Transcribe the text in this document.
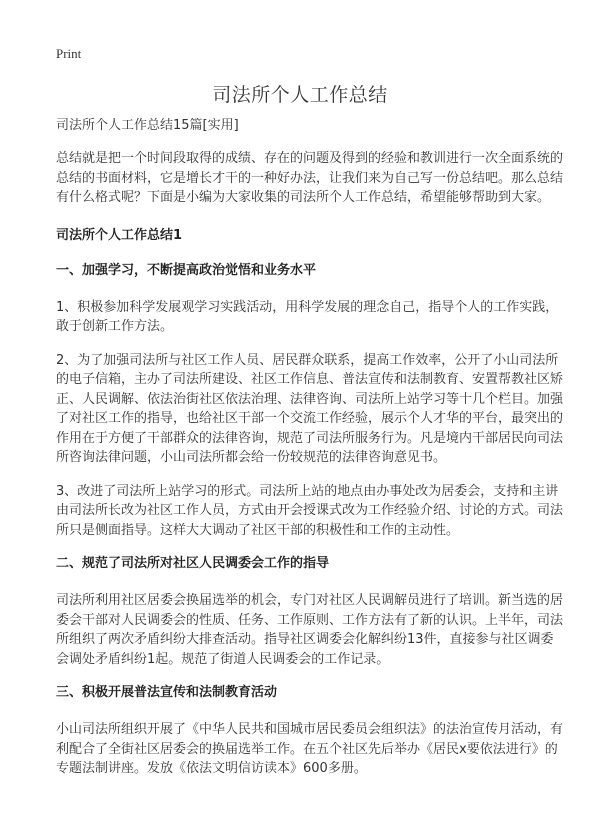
Print
司法所个人工作总结
司法所个人工作总结15篇[实用]

总结就是把一个时间段取得的成绩、存在的问题及得到的经验和教训进行一次全面系统的总结的书面材料，它是增长才干的一种好办法，让我们来为自己写一份总结吧。那么总结有什么格式呢？下面是小编为大家收集的司法所个人工作总结，希望能够帮助到大家。

司法所个人工作总结1
一、加强学习，不断提高政治觉悟和业务水平

1、积极参加科学发展观学习实践活动，用科学发展的理念自己，指导个人的工作实践，敢于创新工作方法。

2、为了加强司法所与社区工作人员、居民群众联系，提高工作效率，公开了小山司法所的电子信箱，主办了司法所建设、社区工作信息、普法宣传和法制教育、安置帮教社区矫正、人民调解、依法治街社区依法治理、法律咨询、司法所上站学习等十几个栏目。加强了对社区工作的指导，也给社区干部一个交流工作经验，展示个人才华的平台，最突出的作用在于方便了干部群众的法律咨询，规范了司法所服务行为。凡是境内干部居民向司法所咨询法律问题，小山司法所都会给一份较规范的法律咨询意见书。

3、改进了司法所上站学习的形式。司法所上站的地点由办事处改为居委会，支持和主讲由司法所长改为社区工作人员，方式由开会授课式改为工作经验介绍、讨论的方式。司法所只是侧面指导。这样大大调动了社区干部的积极性和工作的主动性。

二、规范了司法所对社区人民调委会工作的指导

司法所利用社区居委会换届选举的机会，专门对社区人民调解员进行了培训。新当选的居委会干部对人民调委会的性质、任务、工作原则、工作方法有了新的认识。上半年，司法所组织了两次矛盾纠纷大排查活动。指导社区调委会化解纠纷13件，直接参与社区调委会调处矛盾纠纷1起。规范了街道人民调委会的工作记录。

三、积极开展普法宣传和法制教育活动

小山司法所组织开展了《中华人民共和国城市居民委员会组织法》的法治宣传月活动，有利配合了全街社区居委会的换届选举工作。在五个社区先后举办《居民x要依法进行》的专题法制讲座。发放《依法文明信访读本》600多册。
